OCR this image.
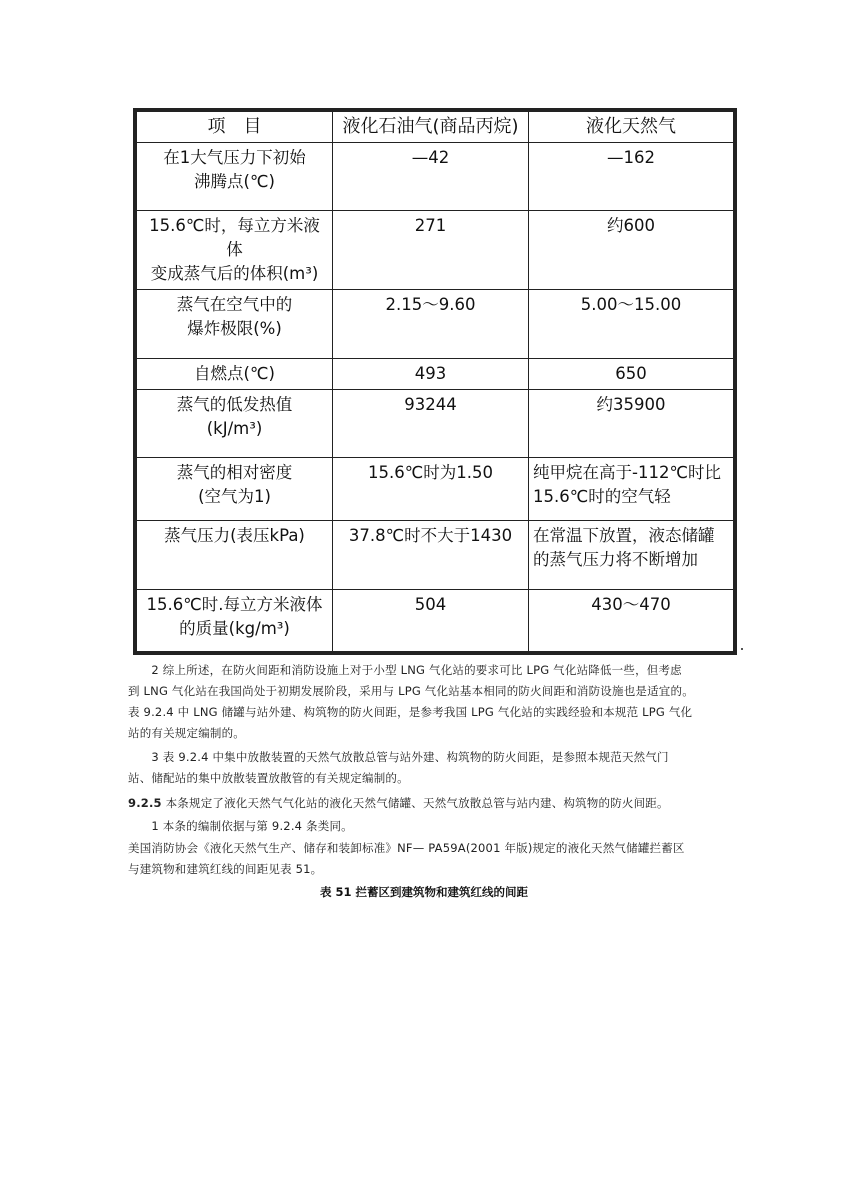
项　目	液化石油气(商品丙烷)	液化天然气

在1大气压力下初始
沸腾点(℃)	—42	—162

15.6℃时，每立方米液
体
变成蒸气后的体积(m³)	271	约600

蒸气在空气中的
爆炸极限(%)	2.15～9.60	5.00～15.00

自燃点(℃)	493	650

蒸气的低发热值
(kJ/m³)	93244	约35900

蒸气的相对密度
(空气为1)	15.6℃时为1.50	纯甲烷在高于-112℃时比
15.6℃时的空气轻

蒸气压力(表压kPa)	37.8℃时不大于1430	在常温下放置，液态储罐
的蒸气压力将不断增加

15.6℃时.每立方米液体
的质量(kg/m³)	504	430～470
　　2 综上所述，在防火间距和消防设施上对于小型 LNG 气化站的要求可比 LPG 气化站降低一些，但考虑
到 LNG 气化站在我国尚处于初期发展阶段，采用与 LPG 气化站基本相同的防火间距和消防设施也是适宜的。
表 9.2.4 中 LNG 储罐与站外建、构筑物的防火间距，是参考我国 LPG 气化站的实践经验和本规范 LPG 气化
站的有关规定编制的。
　　3 表 9.2.4 中集中放散装置的天然气放散总管与站外建、构筑物的防火间距，是参照本规范天然气门
站、储配站的集中放散装置放散管的有关规定编制的。
9.2.5 本条规定了液化天然气气化站的液化天然气储罐、天然气放散总管与站内建、构筑物的防火间距。
　　1 本条的编制依据与第 9.2.4 条类同。
美国消防协会《液化天然气生产、储存和装卸标准》NF— PA59A(2001 年版)规定的液化天然气储罐拦蓄区
与建筑物和建筑红线的间距见表 51。
表 51 拦蓄区到建筑物和建筑红线的间距
